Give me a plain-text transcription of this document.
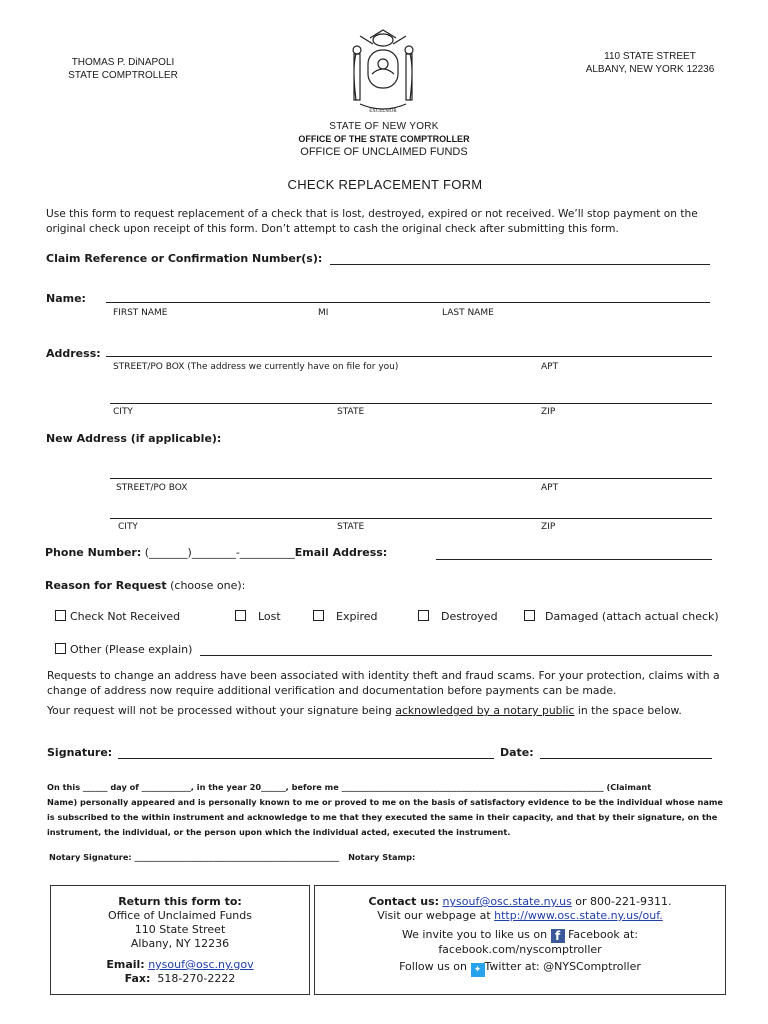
THOMAS P. DiNAPOLI
STATE COMPTROLLER
EXCELSIOR
110 STATE STREET
ALBANY, NEW YORK 12236
STATE OF NEW YORK
OFFICE OF THE STATE COMPTROLLER
OFFICE OF UNCLAIMED FUNDS
CHECK REPLACEMENT FORM
Use this form to request replacement of a check that is lost, destroyed, expired or not received. We’ll stop payment on the original check upon receipt of this form. Don’t attempt to cash the original check after submitting this form.
Claim Reference or Confirmation Number(s):
Name:
FIRST NAME	MI	LAST NAME
Address:
STREET/PO BOX (The address we currently have on file for you)	APT
CITY	STATE	ZIP
New Address (if applicable):
STREET/PO BOX	APT
CITY	STATE	ZIP
Phone Number: (_______)________-__________Email Address:
Reason for Request (choose one):
Check Not Received	Lost	Expired	Destroyed	Damaged (attach actual check)
Other (Please explain)
Requests to change an address have been associated with identity theft and fraud scams. For your protection, claims with a change of address now require additional verification and documentation before payments can be made.
Your request will not be processed without your signature being acknowledged by a notary public in the space below.
Signature:	Date:
On this ______ day of ____________, in the year 20______, before me ________________________________________________________________ (Claimant
Name) personally appeared and is personally known to me or proved to me on the basis of satisfactory evidence to be the individual whose name
is subscribed to the within instrument and acknowledge to me that they executed the same in their capacity, and that by their signature, on the
instrument, the individual, or the person upon which the individual acted, executed the instrument.
Notary Signature: __________________________________________________ Notary Stamp:
Return this form to:
Office of Unclaimed Funds
110 State Street
Albany, NY 12236
Email: nysouf@osc.ny.gov
Fax: 518-270-2222
Contact us: nysouf@osc.state.ny.us or 800-221-9311.
Visit our webpage at http://www.osc.state.ny.us/ouf.
We invite you to like us on f Facebook at:
facebook.com/nyscomptroller
Follow us on ✦ Twitter at: @NYSComptroller
